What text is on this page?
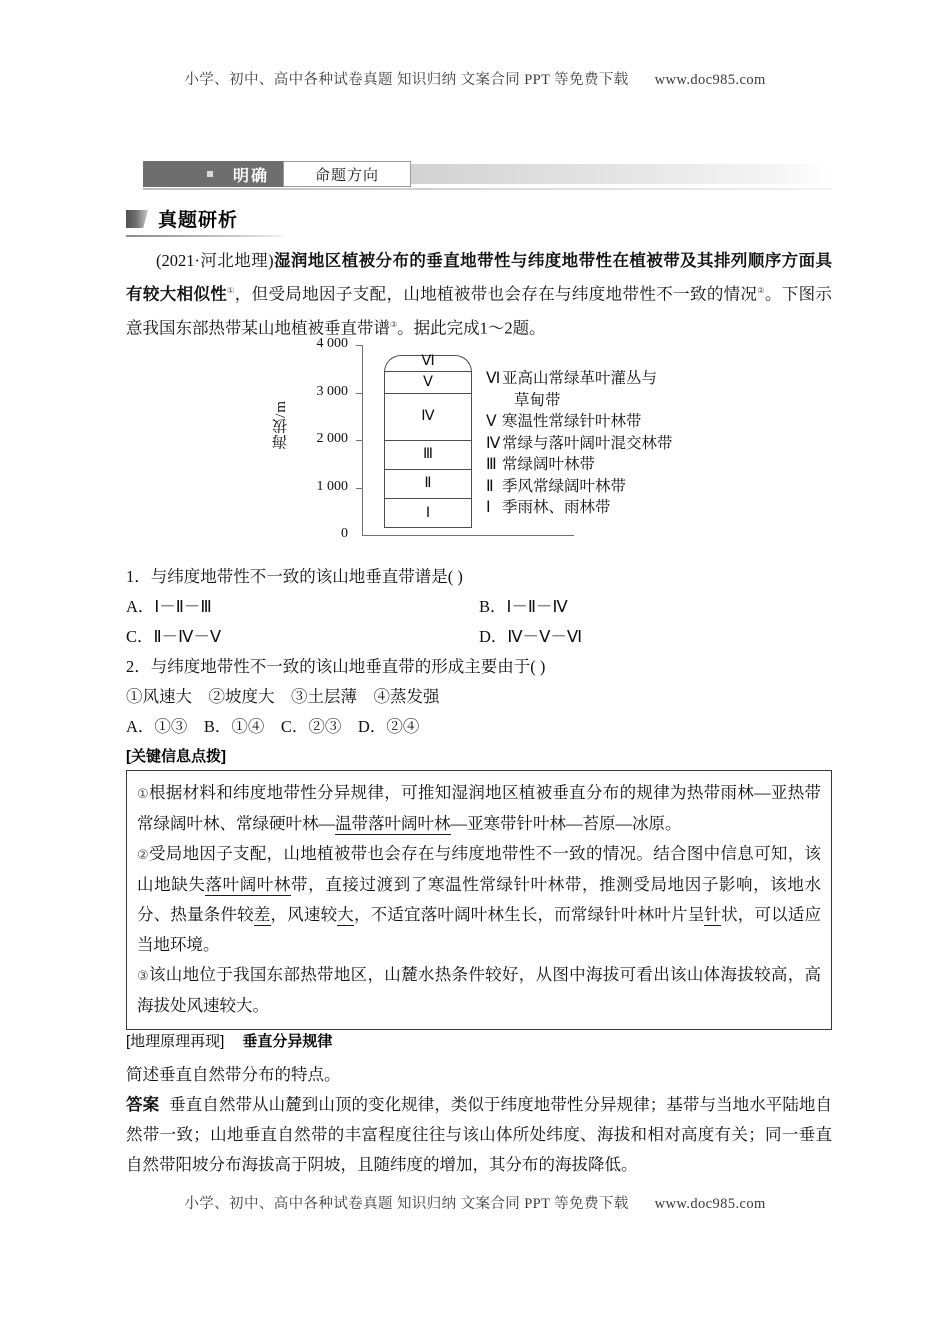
小学、初中、高中各种试卷真题 知识归纳 文案合同 PPT 等免费下载 www.doc985.com
明确	命题方向
真题研析
(2021·河北地理)湿润地区植被分布的垂直地带性与纬度地带性在植被带及其排列顺序方面具有较大相似性①，但受局地因子支配，山地植被带也会存在与纬度地带性不一致的情况②。下图示意我国东部热带某山地植被垂直带谱③。据此完成1～2题。
海拔/m
4 000
3 000
2 000
1 000
0
Ⅵ
Ⅴ
Ⅳ
Ⅲ
Ⅱ
Ⅰ
Ⅵ 亚高山常绿革叶灌丛与
草甸带
Ⅴ 寒温性常绿针叶林带
Ⅳ 常绿与落叶阔叶混交林带
Ⅲ 常绿阔叶林带
Ⅱ 季风常绿阔叶林带
Ⅰ 季雨林、雨林带
1．与纬度地带性不一致的该山地垂直带谱是( )
A．Ⅰ－Ⅱ－Ⅲ	B．Ⅰ－Ⅱ－Ⅳ
C．Ⅱ－Ⅳ－Ⅴ	D．Ⅳ－Ⅴ－Ⅵ
2．与纬度地带性不一致的该山地垂直带的形成主要由于( )
①风速大　②坡度大　③土层薄　④蒸发强
A．①③　B．①④　C．②③　D．②④
[关键信息点拨]

①根据材料和纬度地带性分异规律，可推知湿润地区植被垂直分布的规律为热带雨林—亚热带常绿阔叶林、常绿硬叶林—温带落叶阔叶林—亚寒带针叶林—苔原—冰原。

②受局地因子支配，山地植被带也会存在与纬度地带性不一致的情况。结合图中信息可知，该山地缺失落叶阔叶林带，直接过渡到了寒温性常绿针叶林带，推测受局地因子影响，该地水分、热量条件较差，风速较大，不适宜落叶阔叶林生长，而常绿针叶林叶片呈针状，可以适应当地环境。

③该山地位于我国东部热带地区，山麓水热条件较好，从图中海拔可看出该山体海拔较高，高海拔处风速较大。

[地理原理再现] 垂直分异规律
简述垂直自然带分布的特点。
答案 垂直自然带从山麓到山顶的变化规律，类似于纬度地带性分异规律；基带与当地水平陆地自然带一致；山地垂直自然带的丰富程度往往与该山体所处纬度、海拔和相对高度有关；同一垂直自然带阳坡分布海拔高于阴坡，且随纬度的增加，其分布的海拔降低。
小学、初中、高中各种试卷真题 知识归纳 文案合同 PPT 等免费下载 www.doc985.com
